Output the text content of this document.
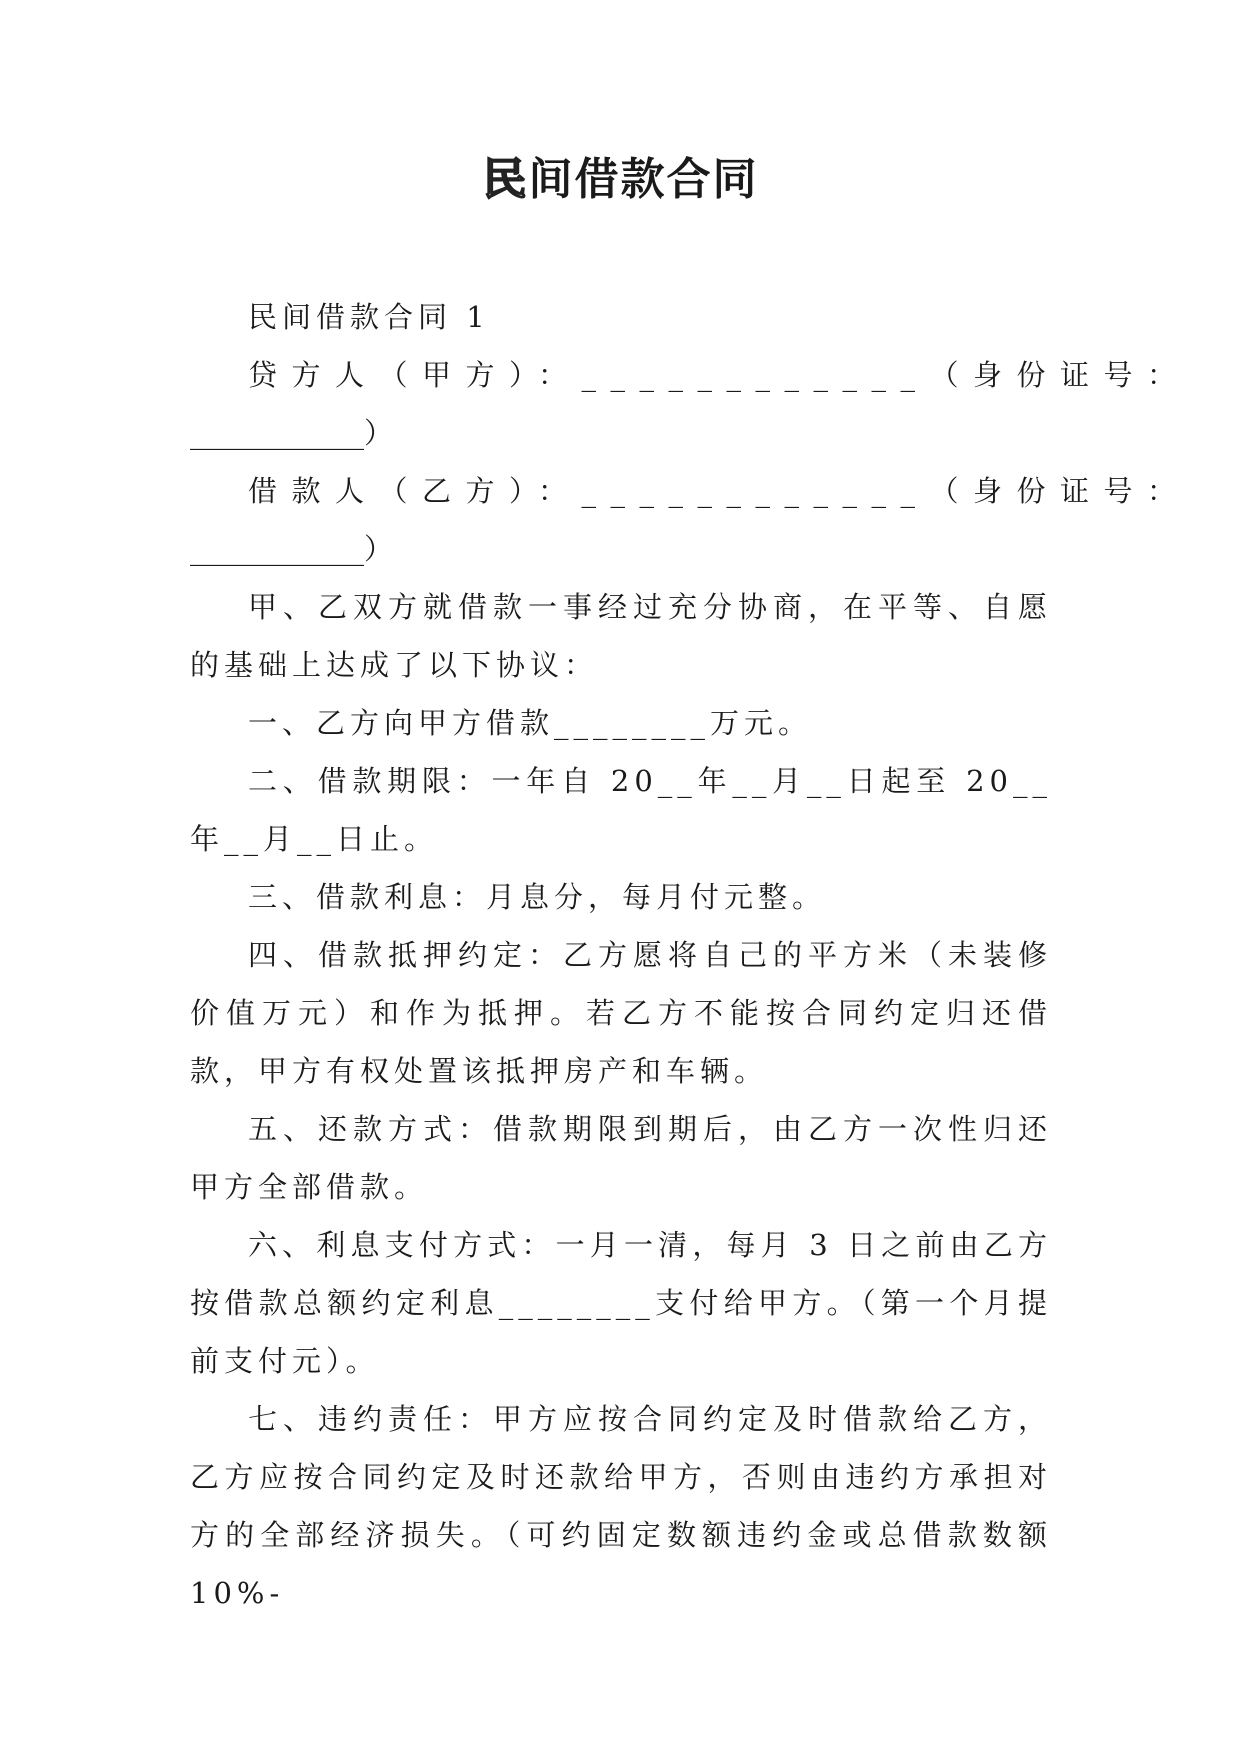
民间借款合同

民间借款合同 1

贷方人（甲方）：____________（身份证号：

____________）

借款人（乙方）：____________（身份证号：

____________）

甲、乙双方就借款一事经过充分协商，在平等、自愿的基础上达成了以下协议：

一、乙方向甲方借款________万元。

二、借款期限：一年自 20__年__月__日起至 20__年__月__日止。

三、借款利息：月息分，每月付元整。

四、借款抵押约定：乙方愿将自己的平方米（未装修价值万元）和作为抵押。若乙方不能按合同约定归还借款，甲方有权处置该抵押房产和车辆。

五、还款方式：借款期限到期后，由乙方一次性归还甲方全部借款。

六、利息支付方式：一月一清，每月 3 日之前由乙方按借款总额约定利息________支付给甲方。（第一个月提前支付元）。

七、违约责任：甲方应按合同约定及时借款给乙方，乙方应按合同约定及时还款给甲方，否则由违约方承担对方的全部经济损失。（可约固定数额违约金或总借款数额 10%-
